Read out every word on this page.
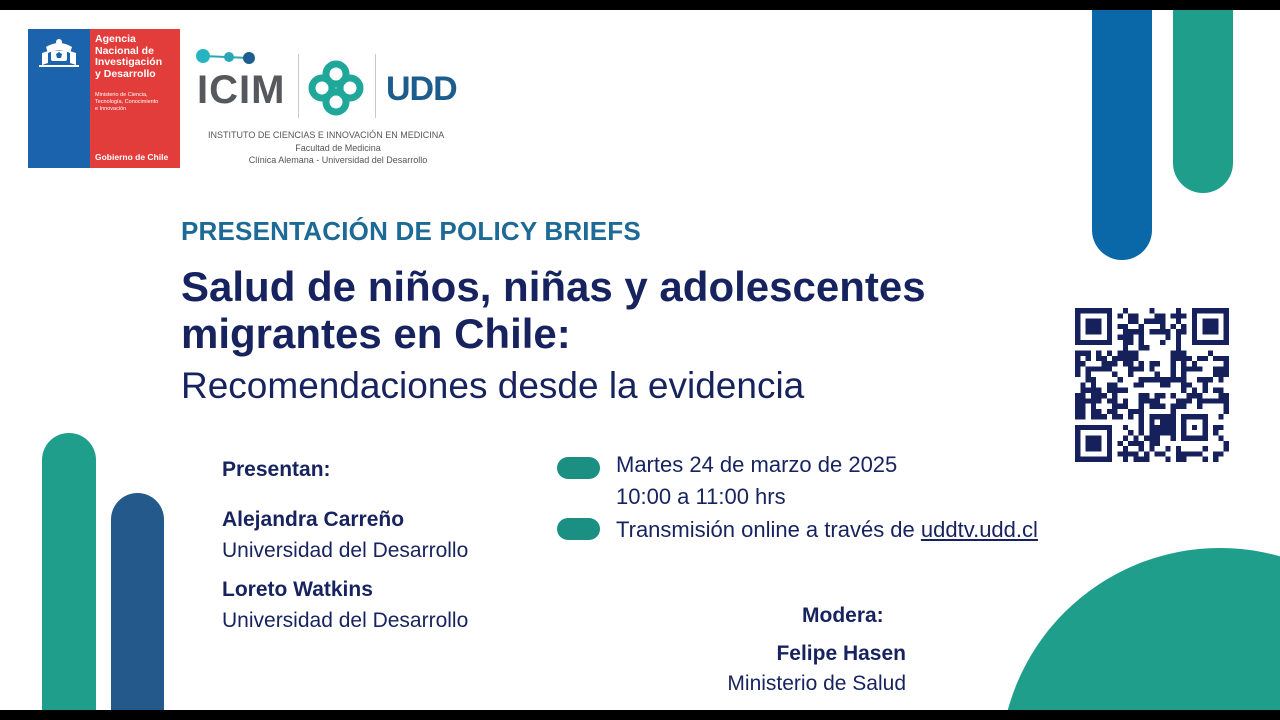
Agencia
Nacional de
Investigación
y Desarrollo
Ministerio de Ciencia,
Tecnología, Conocimiento
e Innovación
Gobierno de Chile
ICIM	UDD
INSTITUTO DE CIENCIAS E INNOVACIÓN EN MEDICINA
Facultad de Medicina
Clínica Alemana - Universidad del Desarrollo
PRESENTACIÓN DE POLICY BRIEFS
Salud de niños, niñas y adolescentes migrantes en Chile:
Recomendaciones desde la evidencia
Presentan:
Alejandra Carreño
Universidad del Desarrollo
Loreto Watkins
Universidad del Desarrollo
Martes 24 de marzo de 2025
10:00 a 11:00 hrs
Transmisión online a través de uddtv.udd.cl
Modera:
Felipe Hasen
Ministerio de Salud
